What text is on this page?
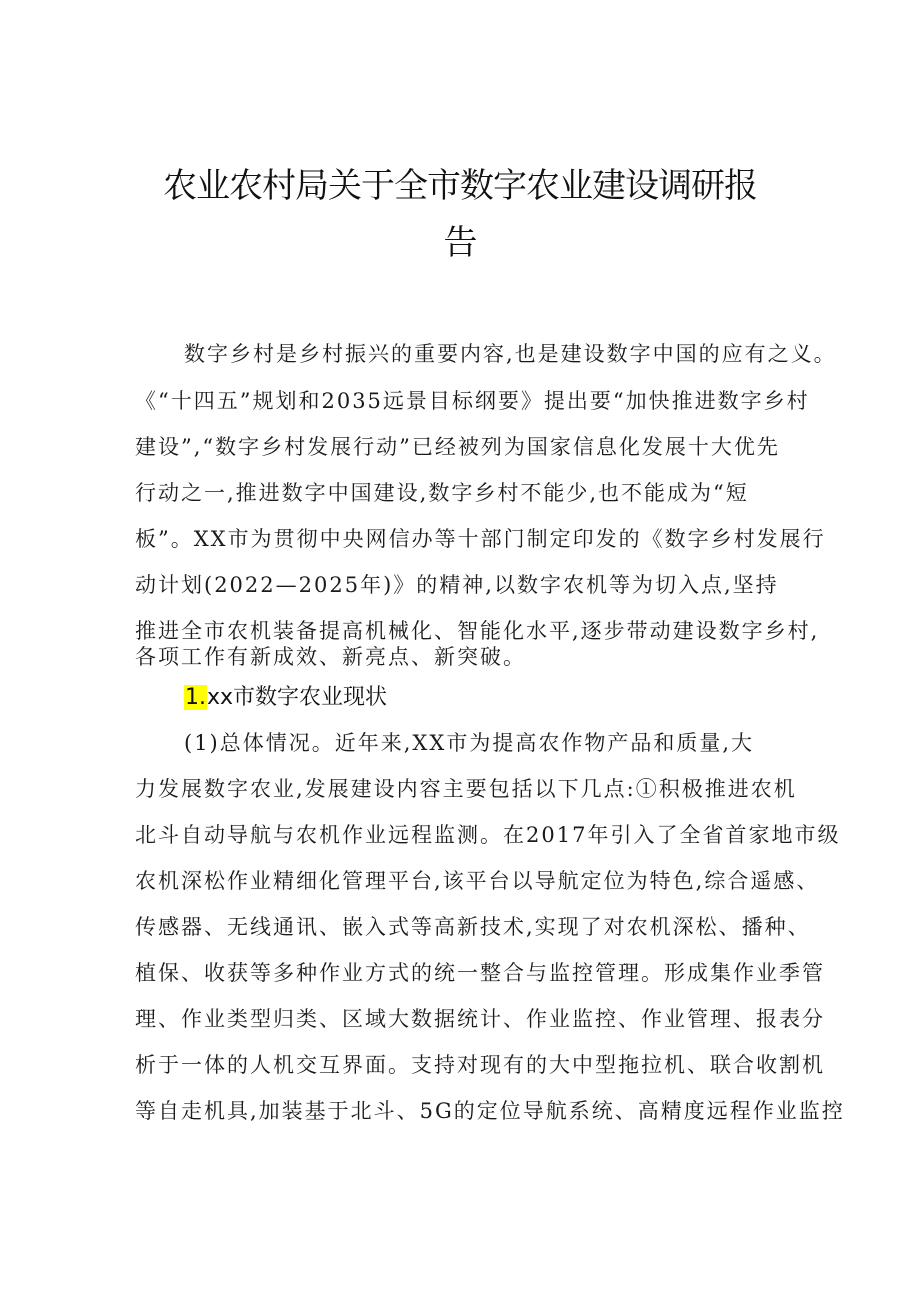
农业农村局关于全市数字农业建设调研报
告
数字乡村是乡村振兴的重要内容,也是建设数字中国的应有之义。
《“十四五”规划和2035远景目标纲要》提出要“加快推进数字乡村
建设”,“数字乡村发展行动”已经被列为国家信息化发展十大优先
行动之一,推进数字中国建设,数字乡村不能少,也不能成为“短
板”。XX市为贯彻中央网信办等十部门制定印发的《数字乡村发展行
动计划(2022—2025年)》的精神,以数字农机等为切入点,坚持
推进全市农机装备提高机械化、智能化水平,逐步带动建设数字乡村,
各项工作有新成效、新亮点、新突破。
1.xx市数字农业现状
(1)总体情况。近年来,XX市为提高农作物产品和质量,大
力发展数字农业,发展建设内容主要包括以下几点:①积极推进农机
北斗自动导航与农机作业远程监测。在2017年引入了全省首家地市级
农机深松作业精细化管理平台,该平台以导航定位为特色,综合遥感、
传感器、无线通讯、嵌入式等高新技术,实现了对农机深松、播种、
植保、收获等多种作业方式的统一整合与监控管理。形成集作业季管
理、作业类型归类、区域大数据统计、作业监控、作业管理、报表分
析于一体的人机交互界面。支持对现有的大中型拖拉机、联合收割机
等自走机具,加装基于北斗、5G的定位导航系统、高精度远程作业监控
